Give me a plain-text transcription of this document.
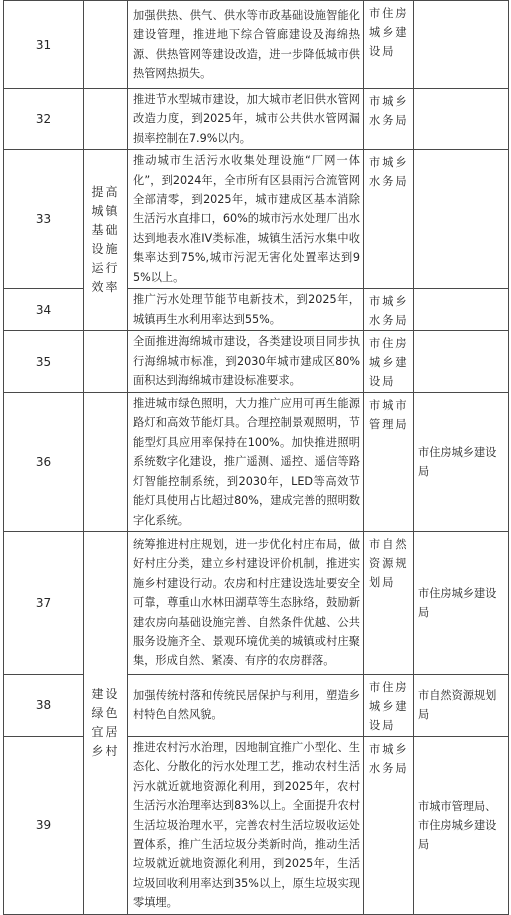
31		加强供热、供气、供水等市政基础设施智能化建设管理，推进地下综合管廊建设及海绵热源、供热管网等建设改造，进一步降低城市供热管网热损失。	市住房城乡建设局	
32		推进节水型城市建设，加大城市老旧供水管网改造力度，到2025年，城市公共供水管网漏损率控制在7.9%以内。	市城乡水务局	
33	提高城镇基础设施运行效率	推动城市生活污水收集处理设施“厂网一体化”，到2024年，全市所有区县雨污合流管网全部清零，到2025年，城市建成区基本消除生活污水直排口，60%的城市污水处理厂出水达到地表水准IV类标准，城镇生活污水集中收集率达到75%,城市污泥无害化处置率达到95%以上。	市城乡水务局	
34		推广污水处理节能节电新技术，到2025年，城镇再生水利用率达到55%。	市城乡水务局	
35		全面推进海绵城市建设，各类建设项目同步执行海绵城市标准，到2030年城市建成区80%面积达到海绵城市建设标准要求。	市住房城乡建设局	
36		推进城市绿色照明，大力推广应用可再生能源路灯和高效节能灯具。合理控制景观照明，节能型灯具应用率保持在100%。加快推进照明系统数字化建设，推广遥测、遥控、遥信等路灯智能控制系统，到2030年，LED等高效节能灯具使用占比超过80%，建成完善的照明数字化系统。	市城市管理局	市住房城乡建设局
37	建设绿色宜居乡村	统筹推进村庄规划，进一步优化村庄布局，做好村庄分类，建立乡村建设评价机制，推进实施乡村建设行动。农房和村庄建设选址要安全可靠，尊重山水林田湖草等生态脉络，鼓励新建农房向基础设施完善、自然条件优越、公共服务设施齐全、景观环境优美的城镇或村庄聚集，形成自然、紧凑、有序的农房群落。	市自然资源规划局	市住房城乡建设局
38		加强传统村落和传统民居保护与利用，塑造乡村特色自然风貌。	市住房城乡建设局	市自然资源规划局
39		推进农村污水治理，因地制宜推广小型化、生态化、分散化的污水处理工艺，推动农村生活污水就近就地资源化利用，到2025年，农村生活污水治理率达到83%以上。全面提升农村生活垃圾治理水平，完善农村生活垃圾收运处置体系，推广生活垃圾分类新时尚，推动生活垃圾就近就地资源化利用，到2025年，生活垃圾回收利用率达到35%以上，原生垃圾实现零填埋。	市城乡水务局	市城市管理局、市住房城乡建设局
